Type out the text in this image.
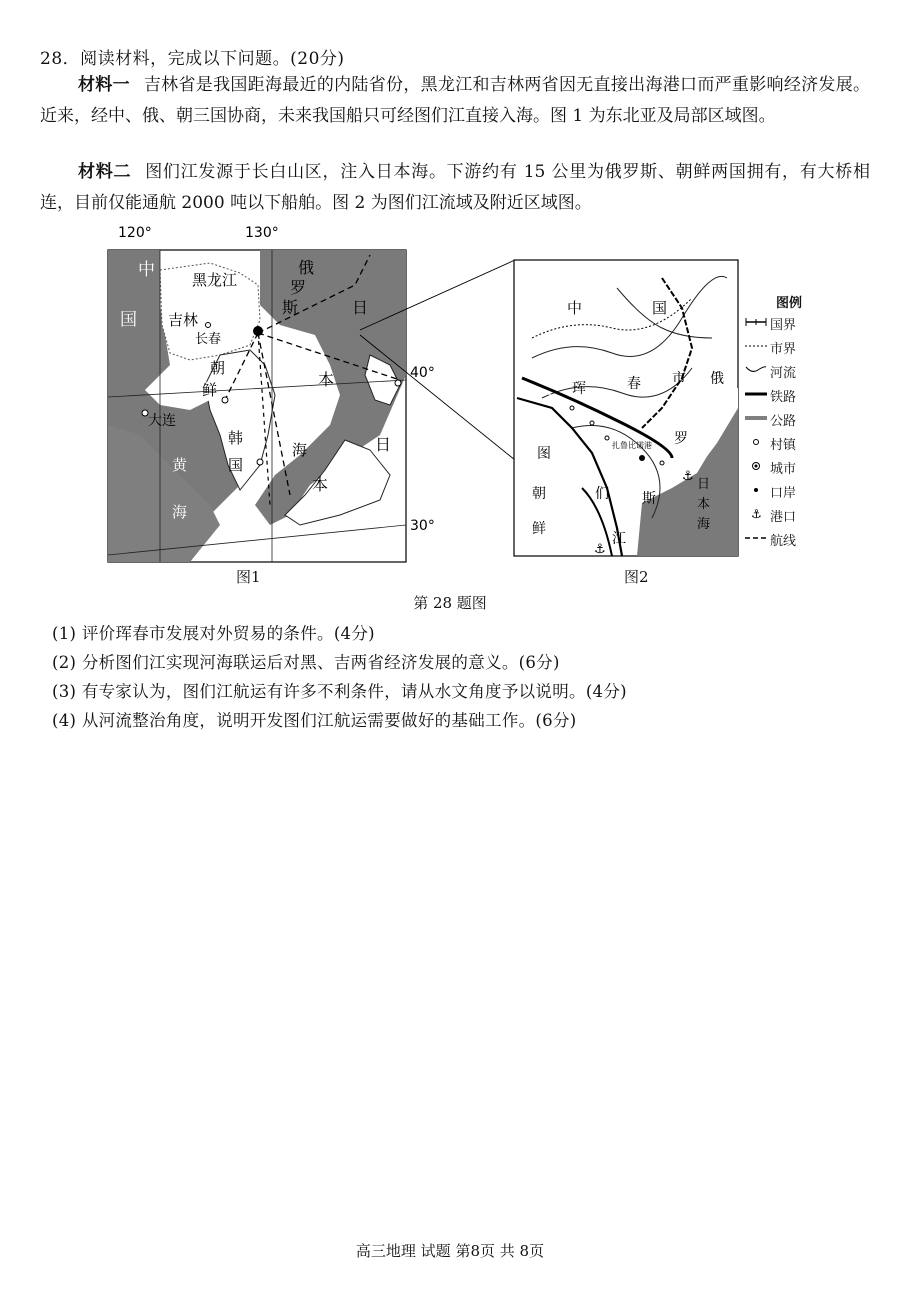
28．阅读材料，完成以下问题。(20分)
材料一 吉林省是我国距海最近的内陆省份，黑龙江和吉林两省因无直接出海港口而严重影响经济发展。近来，经中、俄、朝三国协商，未来我国船只可经图们江直接入海。图 1 为东北亚及局部区域图。
材料二 图们江发源于长白山区，注入日本海。下游约有 15 公里为俄罗斯、朝鲜两国拥有，有大桥相连，目前仅能通航 2000 吨以下船舶。图 2 为图们江流域及附近区域图。
120°	130°
40°
30°
中
国
黑龙江
吉林
长春
俄
罗
斯	日
本
日
本
朝
鲜
韩
国
大连
黄
海
海
⚓
⚓
中	国
珲	春 市 俄
罗
斯
图
们
江
朝
鲜
扎鲁比诺港
日
本
海
图例
国界
市界
河流
铁路
公路
村镇
城市
口岸
⚓ 港口
航线
图1	图2
第 28 题图
(1) 评价珲春市发展对外贸易的条件。(4分)
(2) 分析图们江实现河海联运后对黑、吉两省经济发展的意义。(6分)
(3) 有专家认为，图们江航运有许多不利条件，请从水文角度予以说明。(4分)
(4) 从河流整治角度，说明开发图们江航运需要做好的基础工作。(6分)
高三地理 试题 第8页 共 8页
